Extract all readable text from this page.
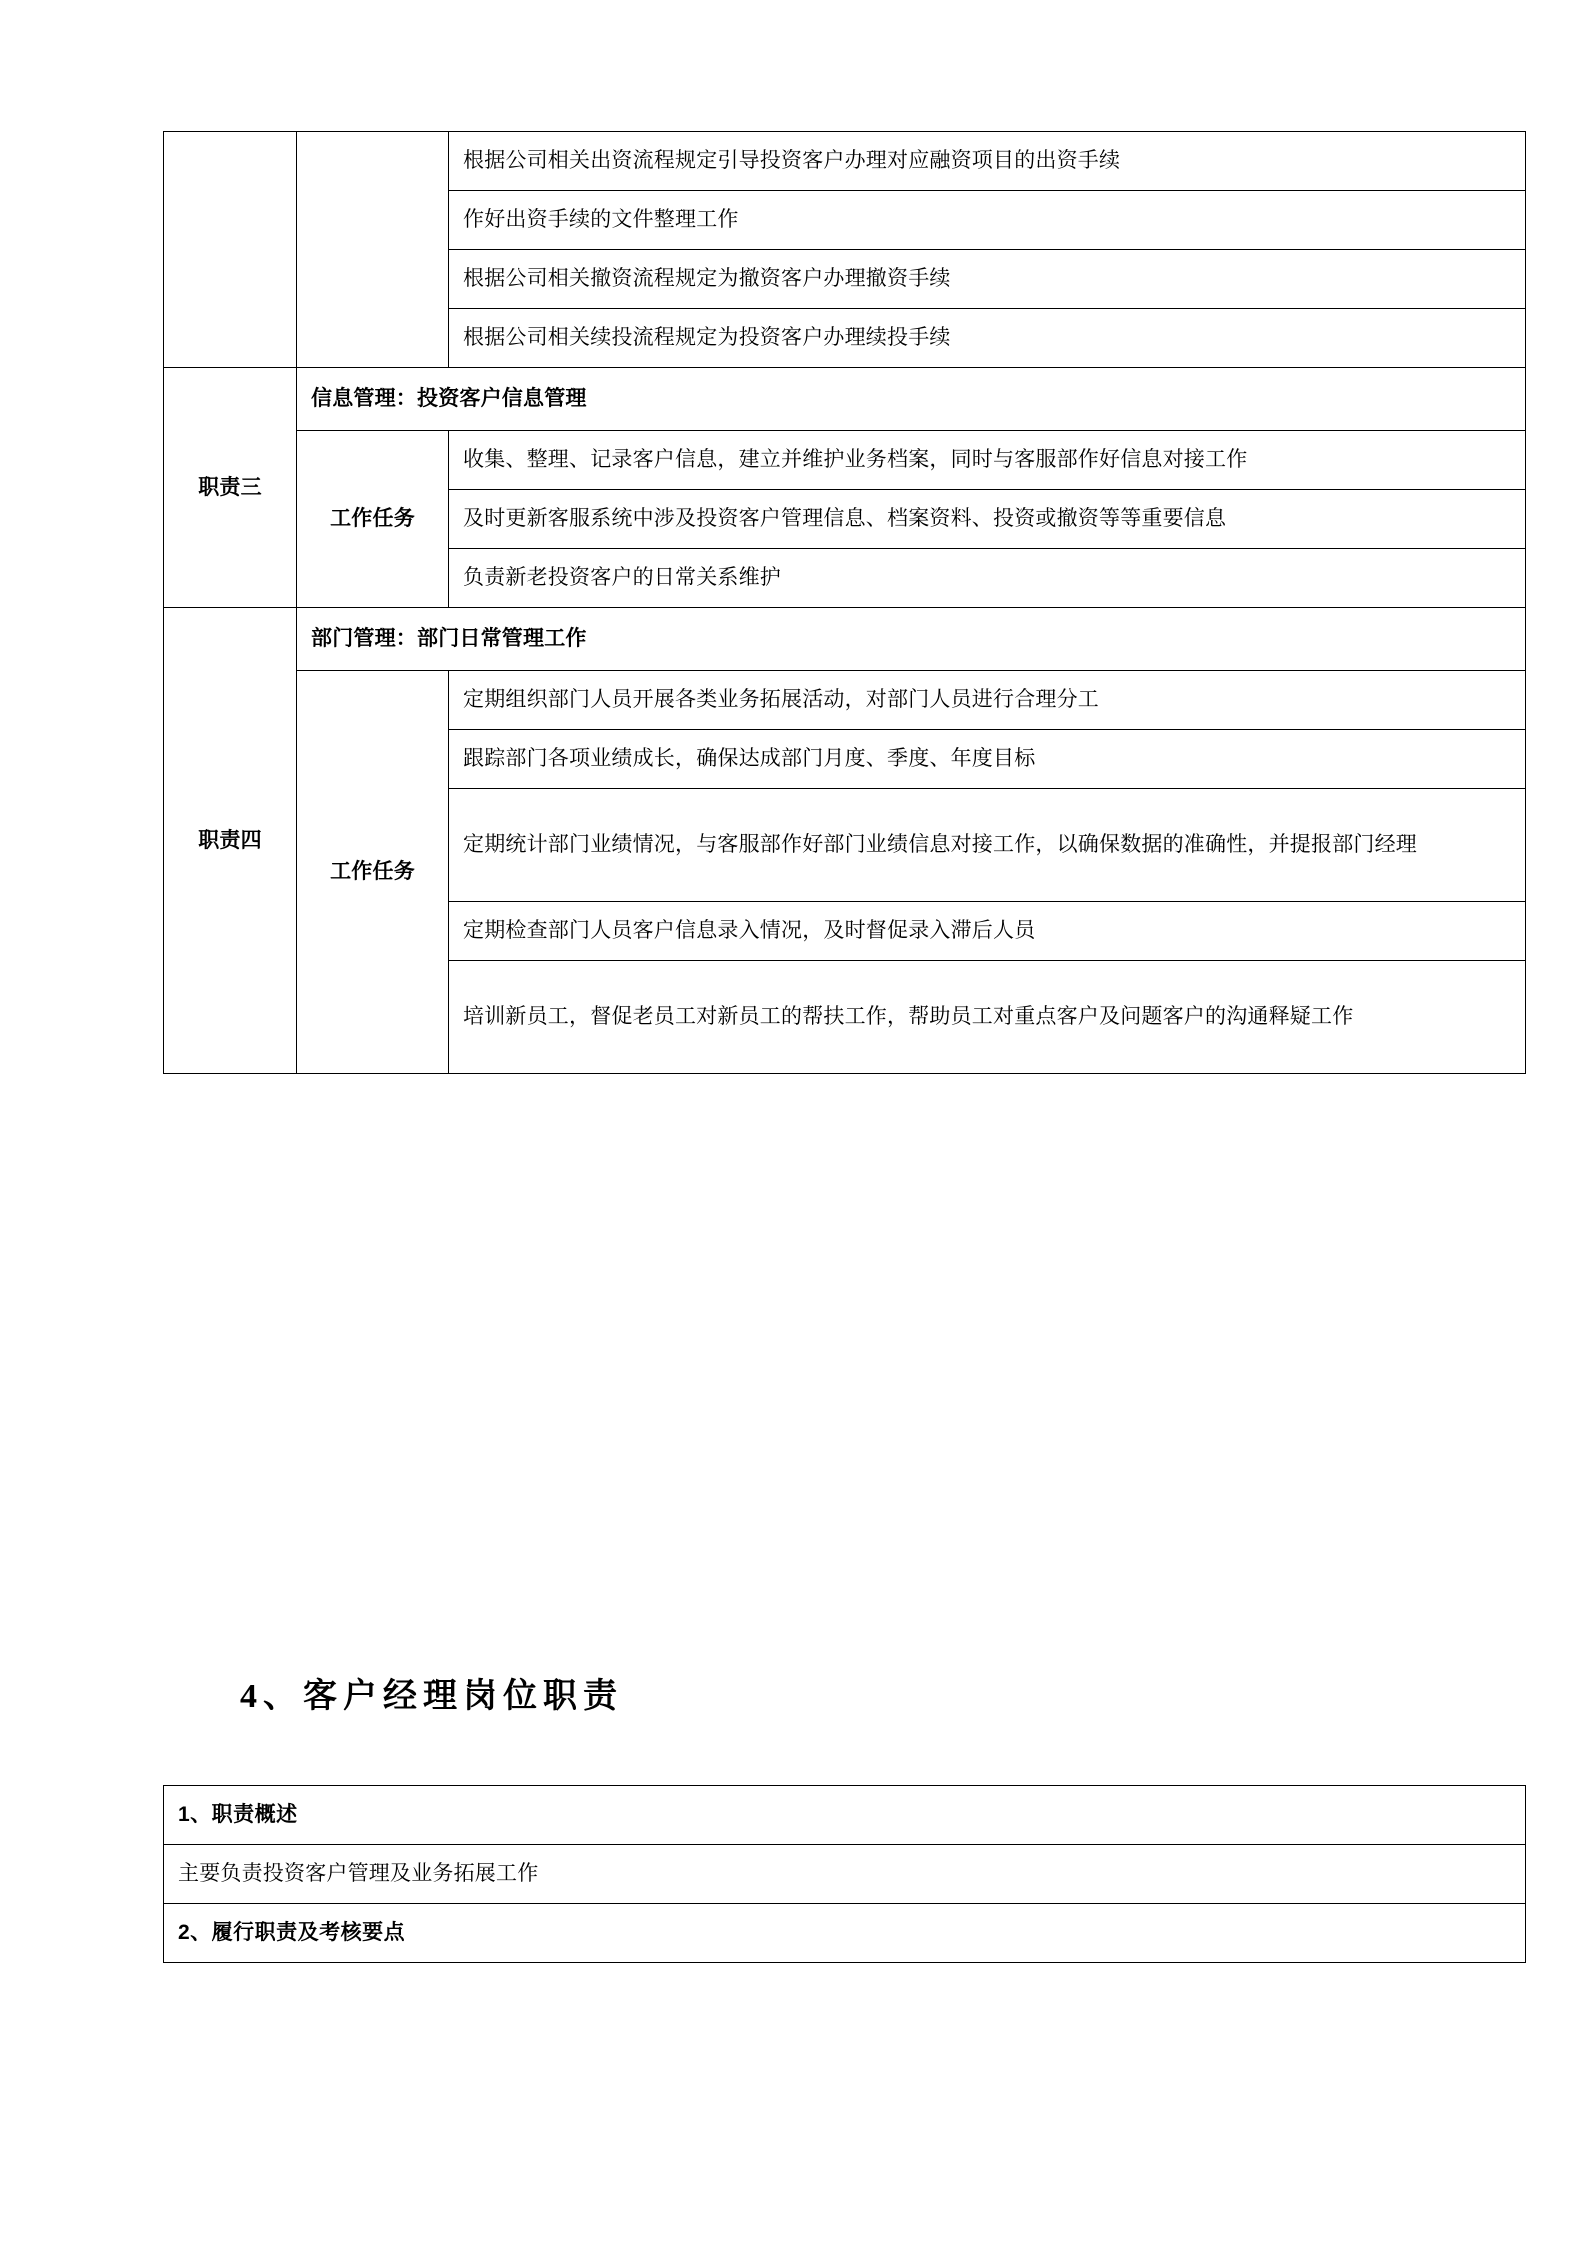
		根据公司相关出资流程规定引导投资客户办理对应融资项目的出资手续
		作好出资手续的文件整理工作
		根据公司相关撤资流程规定为撤资客户办理撤资手续
		根据公司相关续投流程规定为投资客户办理续投手续
职责三	信息管理：投资客户信息管理	
	工作任务	收集、整理、记录客户信息，建立并维护业务档案，同时与客服部作好信息对接工作
		及时更新客服系统中涉及投资客户管理信息、档案资料、投资或撤资等等重要信息
		负责新老投资客户的日常关系维护
职责四	部门管理：部门日常管理工作	
	工作任务	定期组织部门人员开展各类业务拓展活动，对部门人员进行合理分工
		跟踪部门各项业绩成长，确保达成部门月度、季度、年度目标
		定期统计部门业绩情况，与客服部作好部门业绩信息对接工作，以确保数据的准确性，并提报部门经理
		定期检查部门人员客户信息录入情况，及时督促录入滞后人员
		培训新员工，督促老员工对新员工的帮扶工作，帮助员工对重点客户及问题客户的沟通释疑工作
4、客户经理岗位职责
1、职责概述
主要负责投资客户管理及业务拓展工作
2、履行职责及考核要点
